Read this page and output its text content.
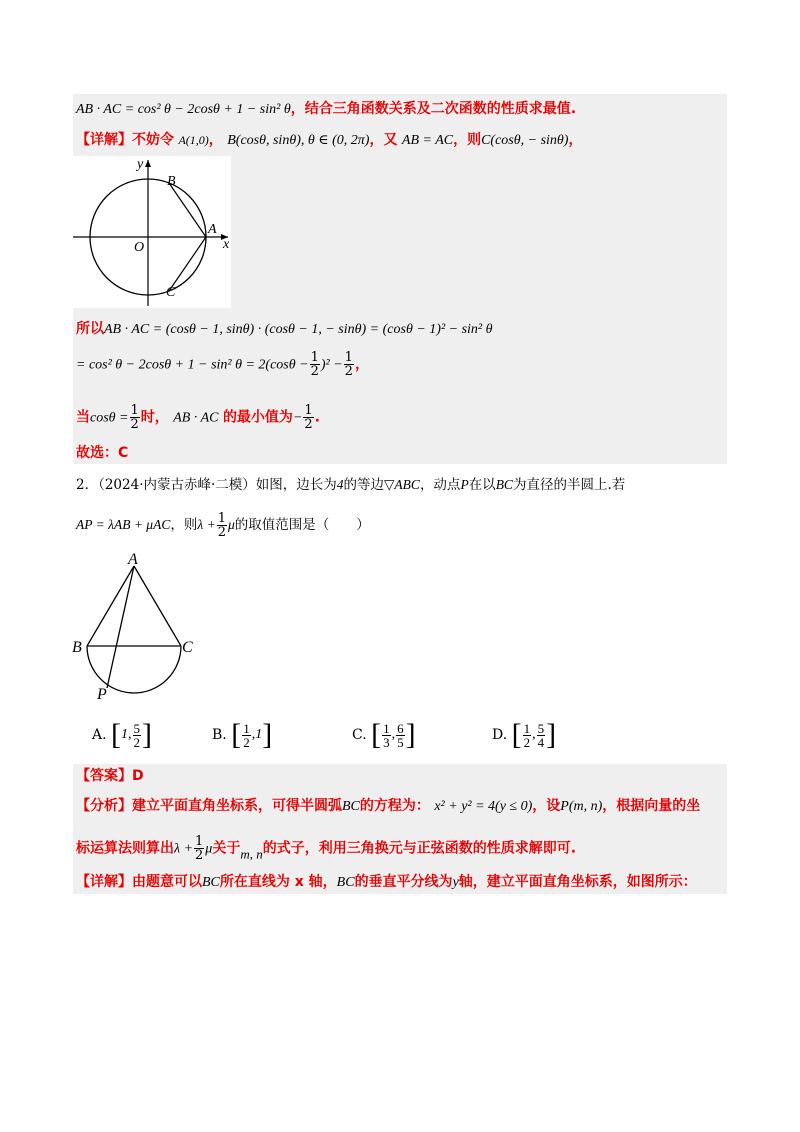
AB · AC = cos² θ − 2cosθ + 1 − sin² θ，结合三角函数关系及二次函数的性质求最值.
【详解】不妨令 A(1,0)， B(cosθ, sinθ), θ ∈ (0, 2π)，又 AB = AC，则C(cosθ, − sinθ)，
y
x
O
A
B
C
所以AB · AC = (cosθ − 1, sinθ) · (cosθ − 1, − sinθ) = (cosθ − 1)² − sin² θ
= cos² θ − 2cosθ + 1 − sin² $\theta = 2(\cos\theta - \frac{1}{2} )^2 - \frac{1}{2}$ ，
当$\cos\theta = \frac{1}{2}$ 时， AB · AC 的最小值为− $\frac{1}{2}$ .
故选：C
2．（2024·内蒙古赤峰·二模）如图，边长为4的等边▽ABC，动点P在以BC为直径的半圆上.若
AP = λAB + μAC，则$\lambda + \frac{1}{2}$ μ的取值范围是（　　）
A
B	C
P
A. [1, $\frac{5}{2}$ ]	B. [ $\frac{1}{2} ,1$]	C. [ $\frac{1}{3}$ , $\frac{6}{5}$ ]	D. [ $\frac{1}{2}$ , $\frac{5}{4}$ ]
【答案】D
【分析】建立平面直角坐标系，可得半圆弧BC的方程为： x² + y² = 4(y ≤ 0)，设P(m, n)，根据向量的坐
标运算法则算出$\lambda + \frac{1}{2}$ μ关于m, n的式子，利用三角换元与正弦函数的性质求解即可.
【详解】由题意可以BC所在直线为 x 轴，BC的垂直平分线为y轴，建立平面直角坐标系，如图所示：
